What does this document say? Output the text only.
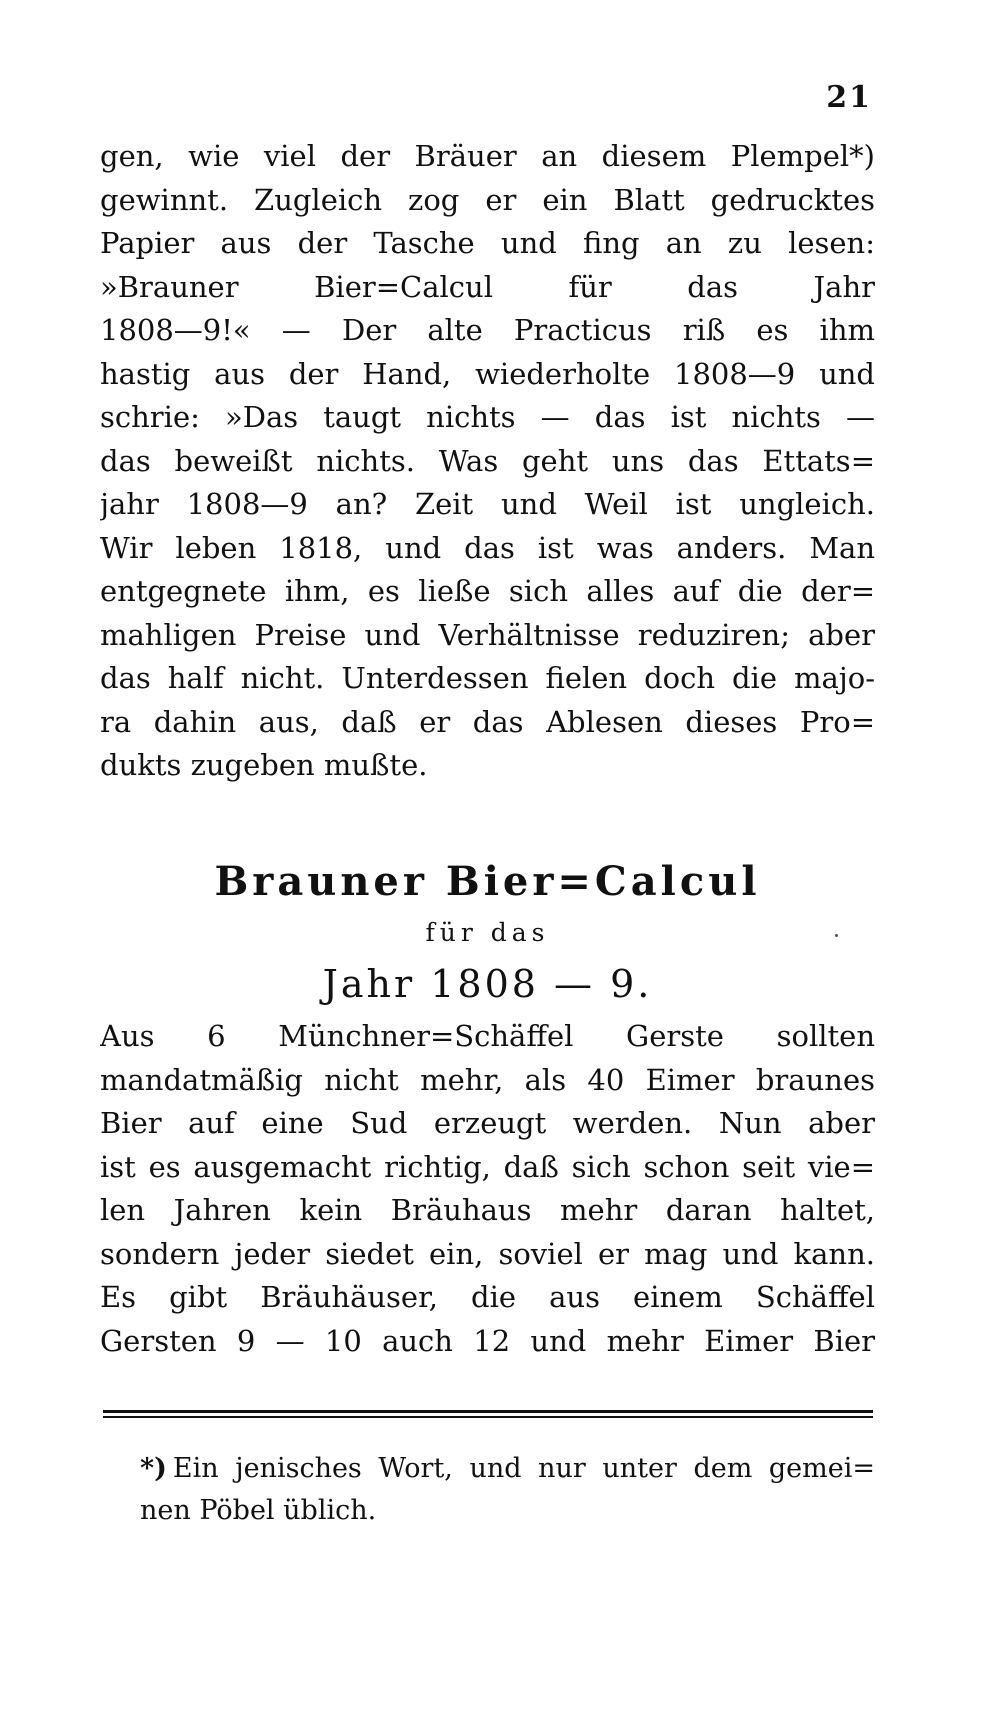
21
gen, wie viel der Bräuer an diesem Plempel*)
gewinnt. Zugleich zog er ein Blatt gedrucktes
Papier aus der Tasche und fing an zu lesen:
»Brauner Bier=Calcul für das Jahr
1808—9!« — Der alte Practicus riß es ihm
hastig aus der Hand, wiederholte 1808—9 und
schrie: »Das taugt nichts — das ist nichts —
das beweißt nichts. Was geht uns das Ettats=
jahr 1808—9 an? Zeit und Weil ist ungleich.
Wir leben 1818, und das ist was anders. Man
entgegnete ihm, es ließe sich alles auf die der=
mahligen Preise und Verhältnisse reduziren; aber
das half nicht. Unterdessen fielen doch die majo-
ra dahin aus, daß er das Ablesen dieses Pro=
dukts zugeben mußte.
Brauner Bier=Calcul
für das
Jahr 1808 — 9.
Aus 6 Münchner=Schäffel Gerste sollten
mandatmäßig nicht mehr, als 40 Eimer braunes
Bier auf eine Sud erzeugt werden. Nun aber
ist es ausgemacht richtig, daß sich schon seit vie=
len Jahren kein Bräuhaus mehr daran haltet,
sondern jeder siedet ein, soviel er mag und kann.
Es gibt Bräuhäuser, die aus einem Schäffel
Gersten 9 — 10 auch 12 und mehr Eimer Bier
*) Ein jenisches Wort, und nur unter dem gemei=
nen Pöbel üblich.
